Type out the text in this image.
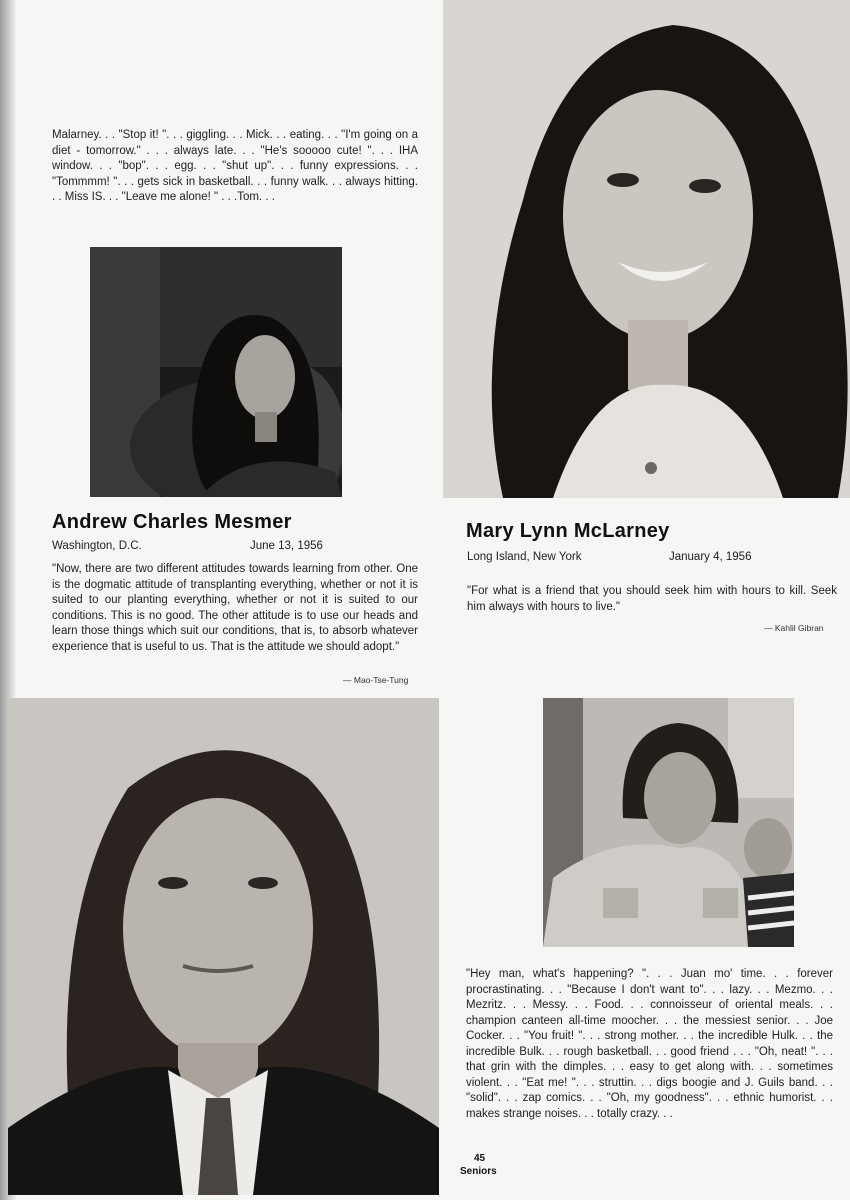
Malarney. . . "Stop it! ". . . giggling. . . Mick. . . eating. . . "I'm going on a diet - tomorrow." . . . always late. . . "He's sooooo cute! ". . . IHA window. . . "bop". . . egg. . . "shut up". . . funny expressions. . . "Tommmm! ". . . gets sick in basketball. . . funny walk. . . always hitting. . . Miss IS. . . "Leave me alone! " . . .Tom. . .
Andrew Charles Mesmer
Washington, D.C.	June 13, 1956
"Now, there are two different attitudes towards learning from other. One is the dogmatic attitude of transplanting everything, whether or not it is suited to our planting everything, whether or not it is suited to our conditions. This is no good. The other attitude is to use our heads and learn those things which suit our conditions, that is, to absorb whatever experience that is useful to us. That is the attitude we should adopt."
— Mao-Tse-Tung
Mary Lynn McLarney
Long Island, New York	January 4, 1956
"For what is a friend that you should seek him with hours to kill. Seek him always with hours to live."
— Kahlil Gibran
"Hey man, what's happening? ". . . Juan mo' time. . . forever procrastinating. . . "Because I don't want to". . . lazy. . . Mezmo. . . Mezritz. . . Messy. . . Food. . . connoisseur of oriental meals. . . champion canteen all-time moocher. . . the messiest senior. . . Joe Cocker. . . "You fruit! ". . . strong mother. . . the incredible Hulk. . . the incredible Bulk. . . rough basketball. . . good friend . . . "Oh, neat! ". . . that grin with the dimples. . . easy to get along with. . . sometimes violent. . . "Eat me! ". . . struttin. . . digs boogie and J. Guils band. . . "solid". . . zap comics. . . "Oh, my goodness". . . ethnic humorist. . . makes strange noises. . . totally crazy. . .
45
Seniors
